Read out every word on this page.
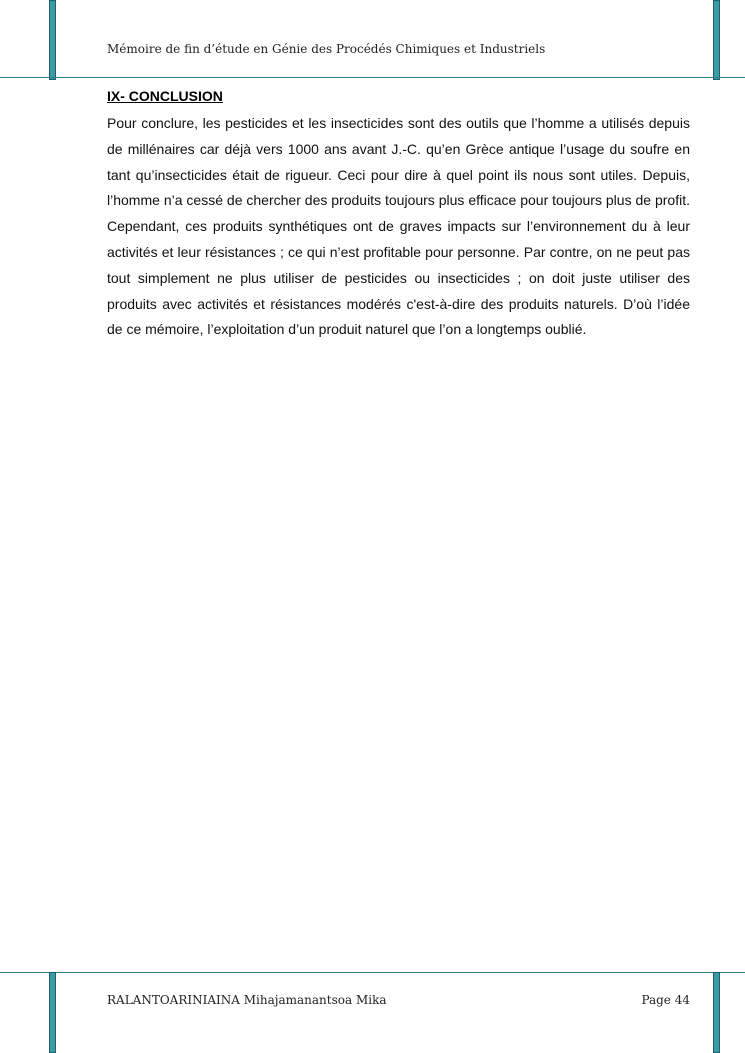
Mémoire de fin d’étude en Génie des Procédés Chimiques et Industriels
IX- CONCLUSION

Pour conclure, les pesticides et les insecticides sont des outils que l’homme a utilisés depuis de millénaires car déjà vers 1000 ans avant J.-C. qu’en Grèce antique l’usage du soufre en tant qu’insecticides était de rigueur. Ceci pour dire à quel point ils nous sont utiles. Depuis, l’homme n’a cessé de chercher des produits toujours plus efficace pour toujours plus de profit. Cependant, ces produits synthétiques ont de graves impacts sur l’environnement du à leur activités et leur résistances ; ce qui n’est profitable pour personne. Par contre, on ne peut pas tout simplement ne plus utiliser de pesticides ou insecticides ; on doit juste utiliser des produits avec activités et résistances modérés c'est-à-dire des produits naturels. D’où l’idée de ce mémoire, l’exploitation d’un produit naturel que l’on a longtemps oublié.

RALANTOARINIAINA Mihajamanantsoa Mika	Page 44
